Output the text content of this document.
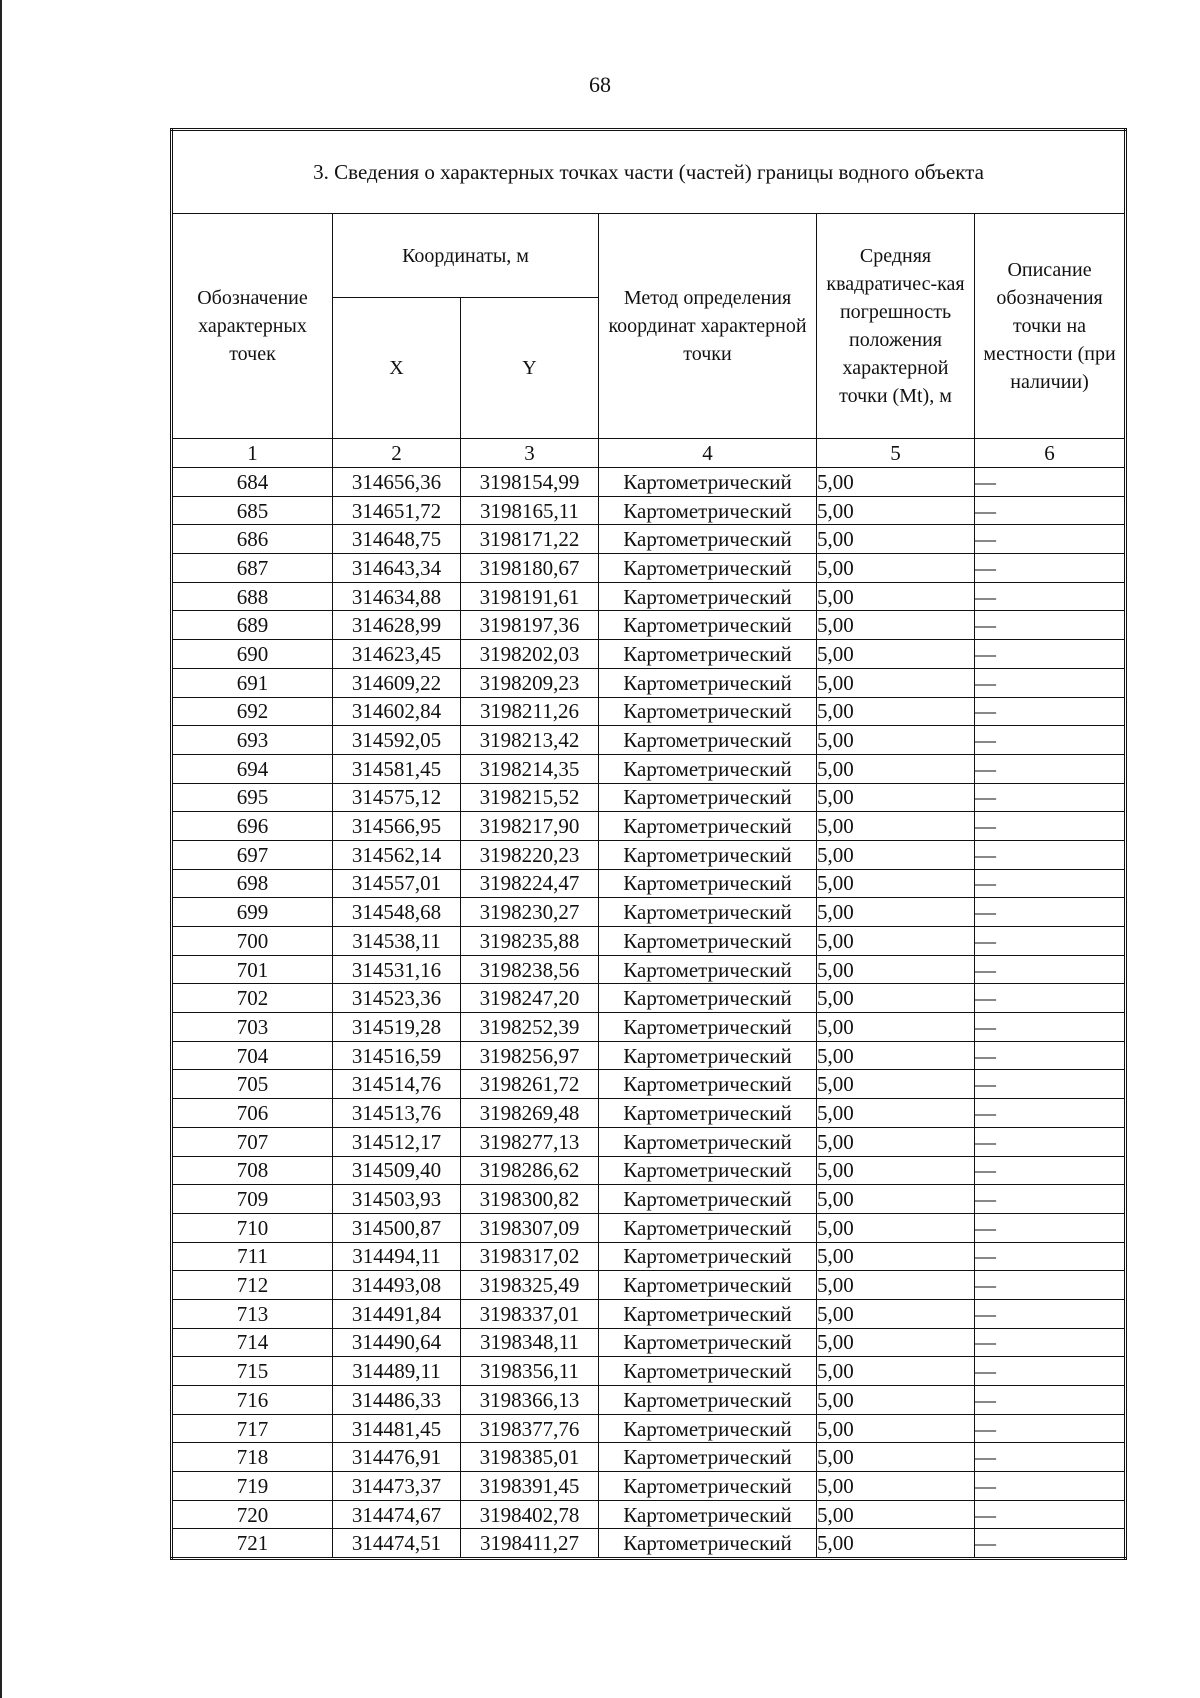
68
3. Сведения о характерных точках части (частей) границы водного объекта					
Обозначение характерных точек	Координаты, м		Метод определения координат характерной точки	Средняя квадратичес-кая погрешность положения характерной точки (Mt), м	Описание обозначения точки на местности (при наличии)
	X	Y			
1	2	3	4	5	6
684	314656,36	3198154,99	Картометрический	5,00	—
685	314651,72	3198165,11	Картометрический	5,00	—
686	314648,75	3198171,22	Картометрический	5,00	—
687	314643,34	3198180,67	Картометрический	5,00	—
688	314634,88	3198191,61	Картометрический	5,00	—
689	314628,99	3198197,36	Картометрический	5,00	—
690	314623,45	3198202,03	Картометрический	5,00	—
691	314609,22	3198209,23	Картометрический	5,00	—
692	314602,84	3198211,26	Картометрический	5,00	—
693	314592,05	3198213,42	Картометрический	5,00	—
694	314581,45	3198214,35	Картометрический	5,00	—
695	314575,12	3198215,52	Картометрический	5,00	—
696	314566,95	3198217,90	Картометрический	5,00	—
697	314562,14	3198220,23	Картометрический	5,00	—
698	314557,01	3198224,47	Картометрический	5,00	—
699	314548,68	3198230,27	Картометрический	5,00	—
700	314538,11	3198235,88	Картометрический	5,00	—
701	314531,16	3198238,56	Картометрический	5,00	—
702	314523,36	3198247,20	Картометрический	5,00	—
703	314519,28	3198252,39	Картометрический	5,00	—
704	314516,59	3198256,97	Картометрический	5,00	—
705	314514,76	3198261,72	Картометрический	5,00	—
706	314513,76	3198269,48	Картометрический	5,00	—
707	314512,17	3198277,13	Картометрический	5,00	—
708	314509,40	3198286,62	Картометрический	5,00	—
709	314503,93	3198300,82	Картометрический	5,00	—
710	314500,87	3198307,09	Картометрический	5,00	—
711	314494,11	3198317,02	Картометрический	5,00	—
712	314493,08	3198325,49	Картометрический	5,00	—
713	314491,84	3198337,01	Картометрический	5,00	—
714	314490,64	3198348,11	Картометрический	5,00	—
715	314489,11	3198356,11	Картометрический	5,00	—
716	314486,33	3198366,13	Картометрический	5,00	—
717	314481,45	3198377,76	Картометрический	5,00	—
718	314476,91	3198385,01	Картометрический	5,00	—
719	314473,37	3198391,45	Картометрический	5,00	—
720	314474,67	3198402,78	Картометрический	5,00	—
721	314474,51	3198411,27	Картометрический	5,00	—
